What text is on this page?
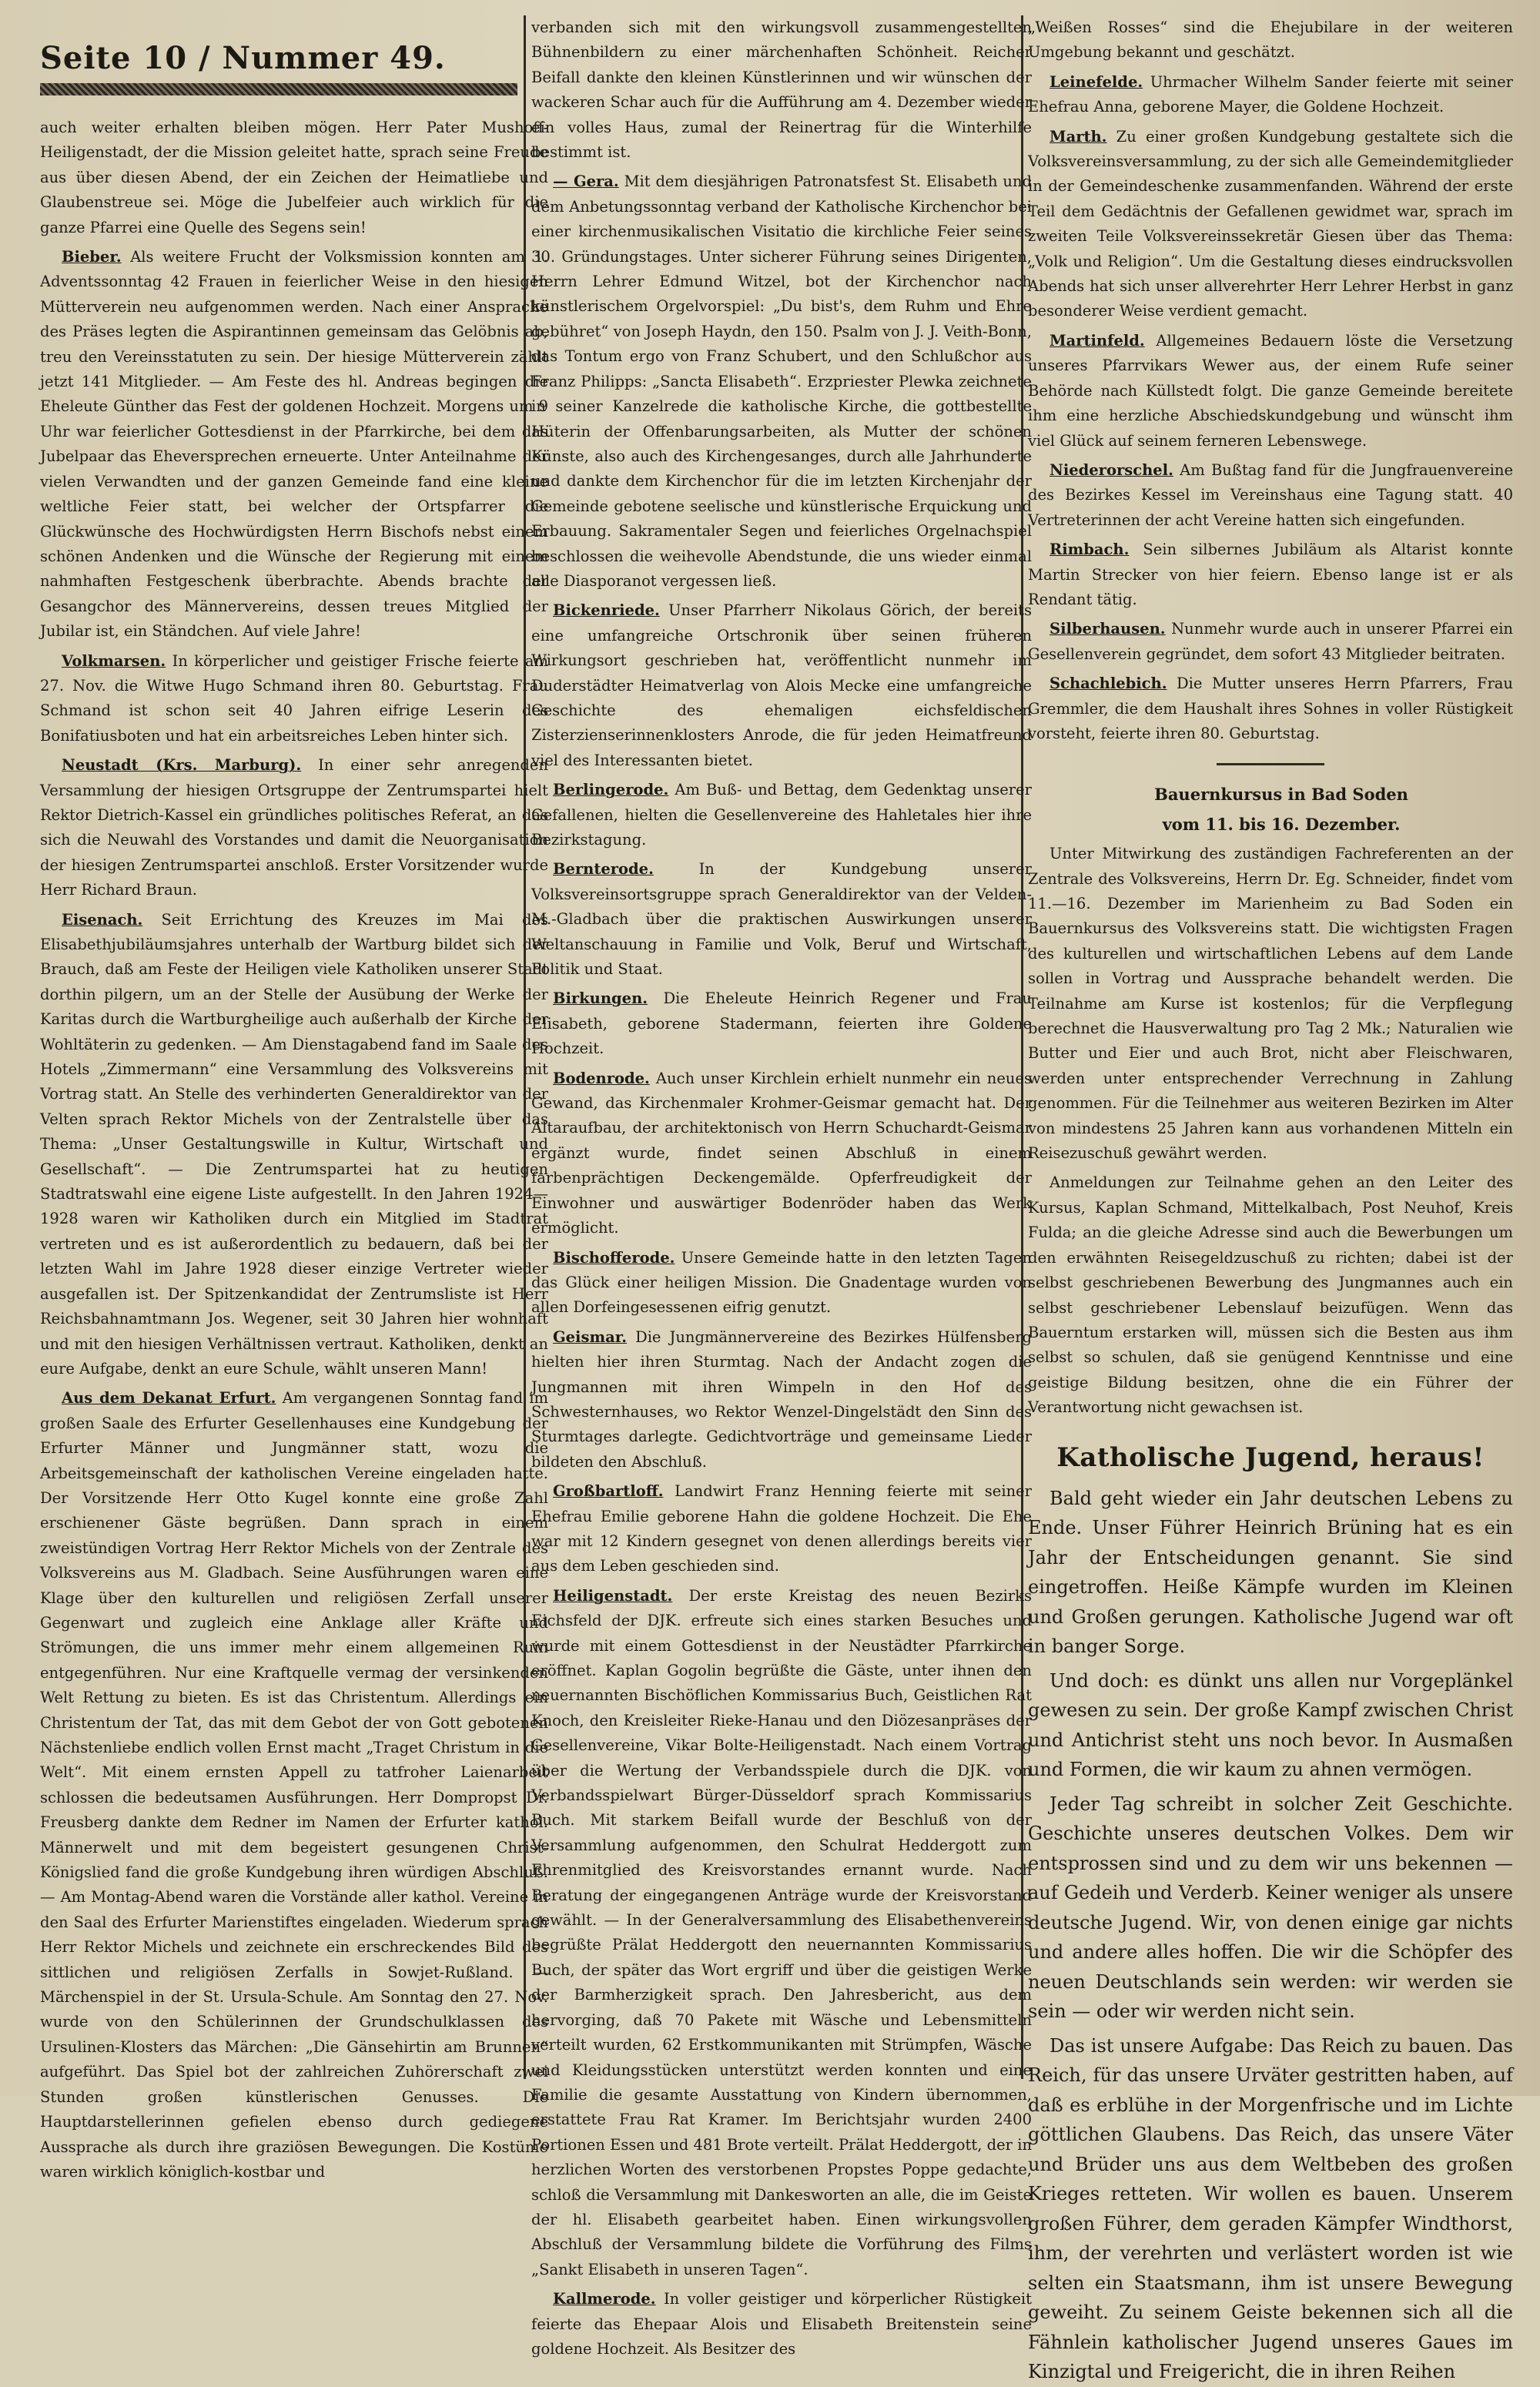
Seite 10 / Nummer 49.

auch weiter erhalten bleiben mögen. Herr Pater Mushoff-Heiligenstadt, der die Mission geleitet hatte, sprach seine Freude aus über diesen Abend, der ein Zeichen der Heimatliebe und Glaubenstreue sei. Möge die Jubelfeier auch wirklich für die ganze Pfarrei eine Quelle des Segens sein!

Bieber. Als weitere Frucht der Volksmission konnten am 1. Adventssonntag 42 Frauen in feierlicher Weise in den hiesigen Mütterverein neu aufgenommen werden. Nach einer Ansprache des Präses legten die Aspirantinnen gemeinsam das Gelöbnis ab, treu den Vereinsstatuten zu sein. Der hiesige Mütterverein zählt jetzt 141 Mitglieder. — Am Feste des hl. Andreas begingen die Eheleute Günther das Fest der goldenen Hochzeit. Morgens um 9 Uhr war feierlicher Gottesdienst in der Pfarrkirche, bei dem das Jubelpaar das Eheversprechen erneuerte. Unter Anteilnahme der vielen Verwandten und der ganzen Gemeinde fand eine kleine weltliche Feier statt, bei welcher der Ortspfarrer die Glückwünsche des Hochwürdigsten Herrn Bischofs nebst einem schönen Andenken und die Wünsche der Regierung mit einem nahmhaften Festgeschenk überbrachte. Abends brachte der Gesangchor des Männervereins, dessen treues Mitglied der Jubilar ist, ein Ständchen. Auf viele Jahre!

Volkmarsen. In körperlicher und geistiger Frische feierte am 27. Nov. die Witwe Hugo Schmand ihren 80. Geburtstag. Frau Schmand ist schon seit 40 Jahren eifrige Leserin des Bonifatiusboten und hat ein arbeitsreiches Leben hinter sich.

Neustadt (Krs. Marburg). In einer sehr anregenden Versammlung der hiesigen Ortsgruppe der Zentrumspartei hielt Rektor Dietrich-Kassel ein gründliches politisches Referat, an das sich die Neuwahl des Vorstandes und damit die Neuorganisation der hiesigen Zentrumspartei anschloß. Erster Vorsitzender wurde Herr Richard Braun.

Eisenach. Seit Errichtung des Kreuzes im Mai des Elisabethjubiläumsjahres unterhalb der Wartburg bildet sich der Brauch, daß am Feste der Heiligen viele Katholiken unserer Stadt dorthin pilgern, um an der Stelle der Ausübung der Werke der Karitas durch die Wartburgheilige auch außerhalb der Kirche der Wohltäterin zu gedenken. — Am Dienstagabend fand im Saale des Hotels „Zimmermann“ eine Versammlung des Volksvereins mit Vortrag statt. An Stelle des verhinderten Generaldirektor van der Velten sprach Rektor Michels von der Zentralstelle über das Thema: „Unser Gestaltungswille in Kultur, Wirtschaft und Gesellschaft“. — Die Zentrumspartei hat zu heutigen Stadtratswahl eine eigene Liste aufgestellt. In den Jahren 1924—1928 waren wir Katholiken durch ein Mitglied im Stadtrat vertreten und es ist außerordentlich zu bedauern, daß bei der letzten Wahl im Jahre 1928 dieser einzige Vertreter wieder ausgefallen ist. Der Spitzenkandidat der Zentrumsliste ist Herr Reichsbahnamtmann Jos. Wegener, seit 30 Jahren hier wohnhaft und mit den hiesigen Verhältnissen vertraut. Katholiken, denkt an eure Aufgabe, denkt an eure Schule, wählt unseren Mann!

Aus dem Dekanat Erfurt. Am vergangenen Sonntag fand im großen Saale des Erfurter Gesellenhauses eine Kundgebung der Erfurter Männer und Jungmänner statt, wozu die Arbeitsgemeinschaft der katholischen Vereine eingeladen hatte. Der Vorsitzende Herr Otto Kugel konnte eine große Zahl erschienener Gäste begrüßen. Dann sprach in einem zweistündigen Vortrag Herr Rektor Michels von der Zentrale des Volksvereins aus M. Gladbach. Seine Ausführungen waren eine Klage über den kulturellen und religiösen Zerfall unserer Gegenwart und zugleich eine Anklage aller Kräfte und Strömungen, die uns immer mehr einem allgemeinen Ruin entgegenführen. Nur eine Kraftquelle vermag der versinkenden Welt Rettung zu bieten. Es ist das Christentum. Allerdings ein Christentum der Tat, das mit dem Gebot der von Gott gebotenen Nächstenliebe endlich vollen Ernst macht „Traget Christum in die Welt“. Mit einem ernsten Appell zu tatfroher Laienarbeit schlossen die bedeutsamen Ausführungen. Herr Dompropst Dr. Freusberg dankte dem Redner im Namen der Erfurter kathol. Männerwelt und mit dem begeistert gesungenen Christ-Königslied fand die große Kundgebung ihren würdigen Abschluß. — Am Montag-Abend waren die Vorstände aller kathol. Vereine in den Saal des Erfurter Marienstiftes eingeladen. Wiederum sprach Herr Rektor Michels und zeichnete ein erschreckendes Bild des sittlichen und religiösen Zerfalls in Sowjet-Rußland. — Märchenspiel in der St. Ursula-Schule. Am Sonntag den 27. Nov. wurde von den Schülerinnen der Grundschulklassen des Ursulinen-Klosters das Märchen: „Die Gänsehirtin am Brunnen“ aufgeführt. Das Spiel bot der zahlreichen Zuhörerschaft zwei Stunden großen künstlerischen Genusses. Die Hauptdarstellerinnen gefielen ebenso durch gediegene Aussprache als durch ihre graziösen Bewegungen. Die Kostüme waren wirklich königlich-kostbar und

verbanden sich mit den wirkungsvoll zusammengestellten Bühnenbildern zu einer märchenhaften Schönheit. Reicher Beifall dankte den kleinen Künstlerinnen und wir wünschen der wackeren Schar auch für die Aufführung am 4. Dezember wieder ein volles Haus, zumal der Reinertrag für die Winterhilfe bestimmt ist.

— Gera. Mit dem diesjährigen Patronatsfest St. Elisabeth und dem Anbetungssonntag verband der Katholische Kirchenchor bei einer kirchenmusikalischen Visitatio die kirchliche Feier seines 30. Gründungstages. Unter sicherer Führung seines Dirigenten, Herrn Lehrer Edmund Witzel, bot der Kirchenchor nach künstlerischem Orgelvorspiel: „Du bist's, dem Ruhm und Ehre gebühret“ von Joseph Haydn, den 150. Psalm von J. J. Veith-Bonn, das Tontum ergo von Franz Schubert, und den Schlußchor aus Franz Philipps: „Sancta Elisabeth“. Erzpriester Plewka zeichnete in seiner Kanzelrede die katholische Kirche, die gottbestellte Hüterin der Offenbarungsarbeiten, als Mutter der schönen Künste, also auch des Kirchengesanges, durch alle Jahrhunderte und dankte dem Kirchenchor für die im letzten Kirchenjahr der Gemeinde gebotene seelische und künstlerische Erquickung und Erbauung. Sakramentaler Segen und feierliches Orgelnachspiel beschlossen die weihevolle Abendstunde, die uns wieder einmal alle Diasporanot vergessen ließ.

Bickenriede. Unser Pfarrherr Nikolaus Görich, der bereits eine umfangreiche Ortschronik über seinen früheren Wirkungsort geschrieben hat, veröffentlicht nunmehr im Duderstädter Heimatverlag von Alois Mecke eine umfangreiche Geschichte des ehemaligen eichsfeldischen Zisterzienserinnenklosters Anrode, die für jeden Heimatfreund viel des Interessanten bietet.

Berlingerode. Am Buß- und Bettag, dem Gedenktag unserer Gefallenen, hielten die Gesellenvereine des Hahletales hier ihre Bezirkstagung.

Bernterode.	In der Kundgebung unserer Volksvereinsortsgruppe sprach Generaldirektor van der Velden-M.-Gladbach über die praktischen Auswirkungen unserer Weltanschauung in Familie und Volk, Beruf und Wirtschaft, Politik und Staat.

Birkungen. Die Eheleute Heinrich Regener und Frau Elisabeth, geborene Stadermann, feierten ihre Goldene Hochzeit.

Bodenrode. Auch unser Kirchlein erhielt nunmehr ein neues Gewand, das Kirchenmaler Krohmer-Geismar gemacht hat. Der Altaraufbau, der architektonisch von Herrn Schuchardt-Geismar ergänzt wurde, findet seinen Abschluß in einem farbenprächtigen Deckengemälde. Opferfreudigkeit der Einwohner und auswärtiger Bodenröder haben das Werk ermöglicht.

Bischofferode. Unsere Gemeinde hatte in den letzten Tagen das Glück einer heiligen Mission. Die Gnadentage wurden von allen Dorfeingesessenen eifrig genutzt.

Geismar. Die Jungmännervereine des Bezirkes Hülfensberg hielten hier ihren Sturmtag. Nach der Andacht zogen die Jungmannen mit ihren Wimpeln in den Hof des Schwesternhauses, wo Rektor Wenzel-Dingelstädt den Sinn des Sturmtages darlegte. Gedichtvorträge und gemeinsame Lieder bildeten den Abschluß.

Großbartloff. Landwirt Franz Henning feierte mit seiner Ehefrau Emilie geborene Hahn die goldene Hochzeit. Die Ehe war mit 12 Kindern gesegnet von denen allerdings bereits vier aus dem Leben geschieden sind.

Heiligenstadt. Der erste Kreistag des neuen Bezirks Eichsfeld der DJK. erfreute sich eines starken Besuches und wurde mit einem Gottesdienst in der Neustädter Pfarrkirche eröffnet. Kaplan Gogolin begrüßte die Gäste, unter ihnen den neuernannten Bischöflichen Kommissarius Buch, Geistlichen Rat Knoch, den Kreisleiter Rieke-Hanau und den Diözesanpräses der Gesellenvereine, Vikar Bolte-Heiligenstadt. Nach einem Vortrag über die Wertung der Verbandsspiele durch die DJK. von Verbandsspielwart Bürger-Düsseldorf sprach Kommissarius Buch. Mit starkem Beifall wurde der Beschluß von der Versammlung aufgenommen, den Schulrat Heddergott zum Ehrenmitglied des Kreisvorstandes ernannt wurde. Nach Beratung der eingegangenen Anträge wurde der Kreisvorstand gewählt. — In der Generalversammlung des Elisabethenvereins begrüßte Prälat Heddergott den neuernannten Kommissarius Buch, der später das Wort ergriff und über die geistigen Werke der Barmherzigkeit sprach. Den Jahresbericht, aus dem hervorging, daß 70 Pakete mit Wäsche und Lebensmitteln verteilt wurden, 62 Erstkommunikanten mit Strümpfen, Wäsche und Kleidungsstücken unterstützt werden konnten und eine Familie die gesamte Ausstattung von Kindern übernommen, erstattete Frau Rat Kramer. Im Berichtsjahr wurden 2400 Portionen Essen und 481 Brote verteilt. Prälat Heddergott, der in herzlichen Worten des verstorbenen Propstes Poppe gedachte, schloß die Versammlung mit Dankesworten an alle, die im Geiste der hl. Elisabeth gearbeitet haben. Einen wirkungsvollen Abschluß der Versammlung bildete die Vorführung des Films „Sankt Elisabeth in unseren Tagen“.

Kallmerode. In voller geistiger und körperlicher Rüstigkeit feierte das Ehepaar Alois und Elisabeth Breitenstein seine goldene Hochzeit. Als Besitzer des

„Weißen Rosses“ sind die Ehejubilare in der weiteren Umgebung bekannt und geschätzt.

Leinefelde. Uhrmacher Wilhelm Sander feierte mit seiner Ehefrau Anna, geborene Mayer, die Goldene Hochzeit.

Marth. Zu einer großen Kundgebung gestaltete sich die Volksvereinsversammlung, zu der sich alle Gemeindemitglieder in der Gemeindeschenke zusammenfanden. Während der erste Teil dem Gedächtnis der Gefallenen gewidmet war, sprach im zweiten Teile Volksvereinssekretär Giesen über das Thema: „Volk und Religion“. Um die Gestaltung dieses eindrucksvollen Abends hat sich unser allverehrter Herr Lehrer Herbst in ganz besonderer Weise verdient gemacht.

Martinfeld. Allgemeines Bedauern löste die Versetzung unseres Pfarrvikars Wewer aus, der einem Rufe seiner Behörde nach Küllstedt folgt. Die ganze Gemeinde bereitete ihm eine herzliche Abschiedskundgebung und wünscht ihm viel Glück auf seinem ferneren Lebenswege.

Niederorschel. Am Bußtag fand für die Jungfrauenvereine des Bezirkes Kessel im Vereinshaus eine Tagung statt. 40 Vertreterinnen der acht Vereine hatten sich eingefunden.

Rimbach. Sein silbernes Jubiläum als Altarist konnte Martin Strecker von hier feiern. Ebenso lange ist er als Rendant tätig.

Silberhausen. Nunmehr wurde auch in unserer Pfarrei ein Gesellenverein gegründet, dem sofort 43 Mitglieder beitraten.

Schachlebich. Die Mutter unseres Herrn Pfarrers, Frau Gremmler, die dem Haushalt ihres Sohnes in voller Rüstigkeit vorsteht, feierte ihren 80. Geburtstag.

Bauernkursus in Bad Soden

vom 11. bis 16. Dezember.

Unter Mitwirkung des zuständigen Fachreferenten an der Zentrale des Volksvereins, Herrn Dr. Eg. Schneider, findet vom 11.—16. Dezember im Marienheim zu Bad Soden ein Bauernkursus des Volksvereins statt. Die wichtigsten Fragen des kulturellen und wirtschaftlichen Lebens auf dem Lande sollen in Vortrag und Aussprache behandelt werden. Die Teilnahme am Kurse ist kostenlos; für die Verpflegung berechnet die Hausverwaltung pro Tag 2 Mk.; Naturalien wie Butter und Eier und auch Brot, nicht aber Fleischwaren, werden unter entsprechender Verrechnung in Zahlung genommen. Für die Teilnehmer aus weiteren Bezirken im Alter von mindestens 25 Jahren kann aus vorhandenen Mitteln ein Reisezuschuß gewährt werden.

Anmeldungen zur Teilnahme gehen an den Leiter des Kursus, Kaplan Schmand, Mittelkalbach, Post Neuhof, Kreis Fulda; an die gleiche Adresse sind auch die Bewerbungen um den erwähnten Reisegeldzuschuß zu richten; dabei ist der selbst geschriebenen Bewerbung des Jungmannes auch ein selbst geschriebener Lebenslauf beizufügen. Wenn das Bauerntum erstarken will, müssen sich die Besten aus ihm selbst so schulen, daß sie genügend Kenntnisse und eine geistige Bildung besitzen, ohne die ein Führer der Verantwortung nicht gewachsen ist.

Katholische Jugend, heraus!

Bald geht wieder ein Jahr deutschen Lebens zu Ende. Unser Führer Heinrich Brüning hat es ein Jahr der Entscheidungen genannt. Sie sind eingetroffen. Heiße Kämpfe wurden im Kleinen und Großen gerungen. Katholische Jugend war oft in banger Sorge.

Und doch: es dünkt uns allen nur Vorgeplänkel gewesen zu sein. Der große Kampf zwischen Christ und Antichrist steht uns noch bevor. In Ausmaßen und Formen, die wir kaum zu ahnen vermögen.

Jeder Tag schreibt in solcher Zeit Geschichte. Geschichte unseres deutschen Volkes. Dem wir entsprossen sind und zu dem wir uns bekennen — auf Gedeih und Verderb. Keiner weniger als unsere deutsche Jugend. Wir, von denen einige gar nichts und andere alles hoffen. Die wir die Schöpfer des neuen Deutschlands sein werden: wir werden sie sein — oder wir werden nicht sein.

Das ist unsere Aufgabe: Das Reich zu bauen. Das Reich, für das unsere Urväter gestritten haben, auf daß es erblühe in der Morgenfrische und im Lichte göttlichen Glaubens. Das Reich, das unsere Väter und Brüder uns aus dem Weltbeben des großen Krieges retteten. Wir wollen es bauen. Unserem großen Führer, dem geraden Kämpfer Windthorst, ihm, der verehrten und verlästert worden ist wie selten ein Staatsmann, ihm ist unsere Bewegung geweiht. Zu seinem Geiste bekennen sich all die Fähnlein katholischer Jugend unseres Gaues im Kinzigtal und Freigericht, die in ihren Reihen
